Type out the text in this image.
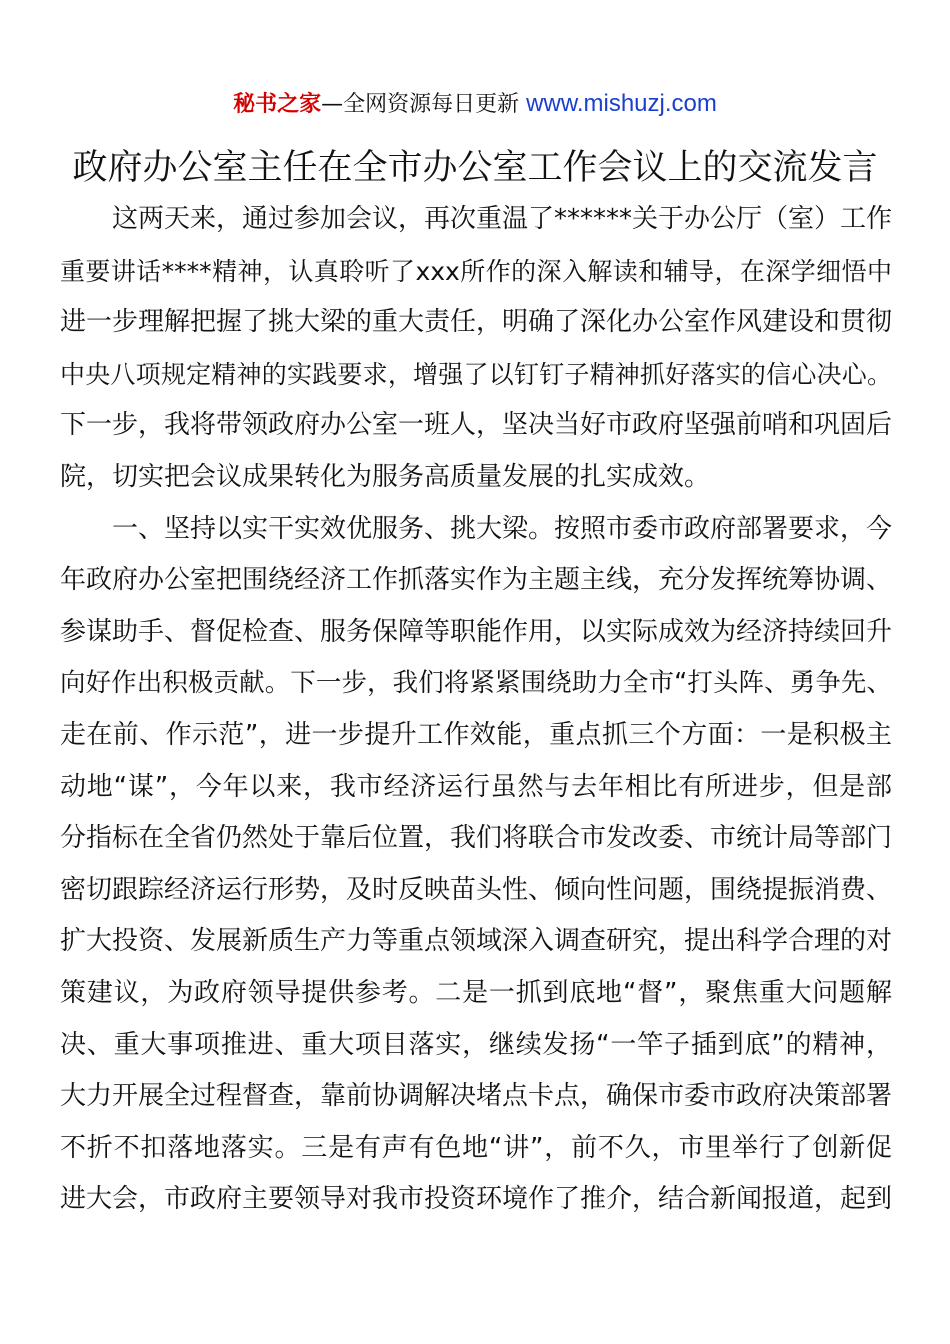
秘书之家—全网资源每日更新 www.mishuzj.com
政府办公室主任在全市办公室工作会议上的交流发言
这两天来，通过参加会议，再次重温了******关于办公厅（室）工作
重要讲话****精神，认真聆听了xxx所作的深入解读和辅导，在深学细悟中
进一步理解把握了挑大梁的重大责任，明确了深化办公室作风建设和贯彻
中央八项规定精神的实践要求，增强了以钉钉子精神抓好落实的信心决心。
下一步，我将带领政府办公室一班人，坚决当好市政府坚强前哨和巩固后
院，切实把会议成果转化为服务高质量发展的扎实成效。
一、坚持以实干实效优服务、挑大梁。按照市委市政府部署要求，今
年政府办公室把围绕经济工作抓落实作为主题主线，充分发挥统筹协调、
参谋助手、督促检查、服务保障等职能作用，以实际成效为经济持续回升
向好作出积极贡献。下一步，我们将紧紧围绕助力全市“打头阵、勇争先、
走在前、作示范”，进一步提升工作效能，重点抓三个方面：一是积极主
动地“谋”，今年以来，我市经济运行虽然与去年相比有所进步，但是部
分指标在全省仍然处于靠后位置，我们将联合市发改委、市统计局等部门
密切跟踪经济运行形势，及时反映苗头性、倾向性问题，围绕提振消费、
扩大投资、发展新质生产力等重点领域深入调查研究，提出科学合理的对
策建议，为政府领导提供参考。二是一抓到底地“督”，聚焦重大问题解
决、重大事项推进、重大项目落实，继续发扬“一竿子插到底”的精神，
大力开展全过程督查，靠前协调解决堵点卡点，确保市委市政府决策部署
不折不扣落地落实。三是有声有色地“讲”，前不久，市里举行了创新促
进大会，市政府主要领导对我市投资环境作了推介，结合新闻报道，起到
